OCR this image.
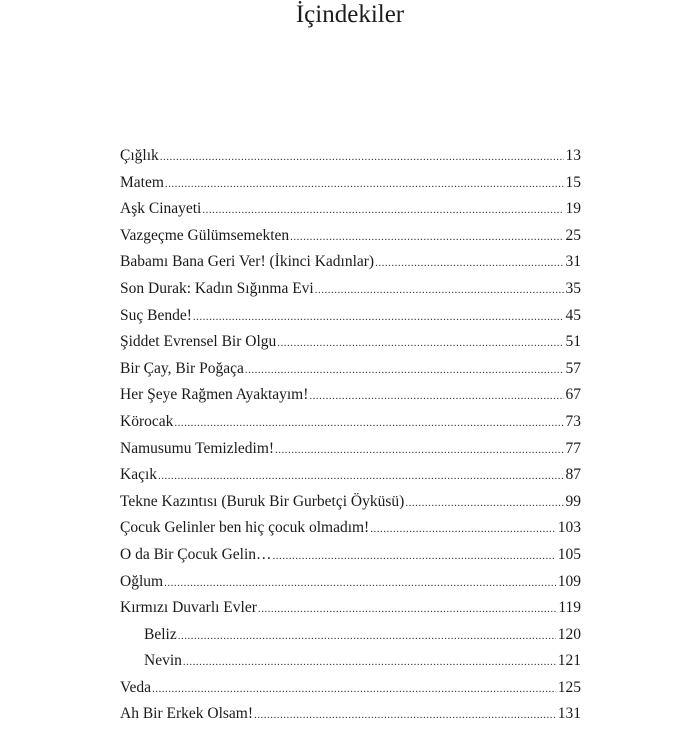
İçindekiler
Çığlık .....	13
Matem .....	15
Aşk Cinayeti .....	19
Vazgeçme Gülümsemekten .....	25
Babamı Bana Geri Ver! (İkinci Kadınlar) .....	31
Son Durak: Kadın Sığınma Evi .....	35
Suç Bende! .....	45
Şiddet Evrensel Bir Olgu .....	51
Bir Çay, Bir Poğaça .....	57
Her Şeye Rağmen Ayaktayım! .....	67
Körocak .....	73
Namusumu Temizledim! .....	77
Kaçık .....	87
Tekne Kazıntısı (Buruk Bir Gurbetçi Öyküsü) .....	99
Çocuk Gelinler ben hiç çocuk olmadım! .....	103
O da Bir Çocuk Gelin… .....	105
Oğlum .....	109
Kırmızı Duvarlı Evler .....	119
Beliz .....	120
Nevin .....	121
Veda .....	125
Ah Bir Erkek Olsam! .....	131
